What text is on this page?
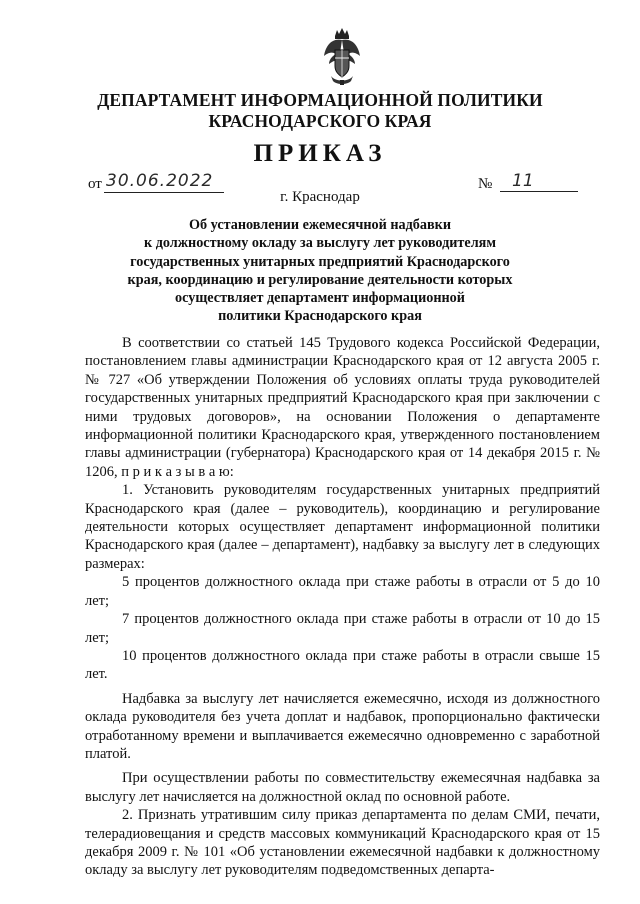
ДЕПАРТАМЕНТ ИНФОРМАЦИОННОЙ ПОЛИТИКИ
КРАСНОДАРСКОГО КРАЯ
ПРИКАЗ
от 30.06.2022	№	11
г. Краснодар
Об установлении ежемесячной надбавки
к должностному окладу за выслугу лет руководителям
государственных унитарных предприятий Краснодарского
края, координацию и регулирование деятельности которых
осуществляет департамент информационной
политики Краснодарского края

В соответствии со статьей 145 Трудового кодекса Российской Федерации, постановлением главы администрации Краснодарского края от 12 августа 2005 г. № 727 «Об утверждении Положения об условиях оплаты труда руководителей государственных унитарных предприятий Краснодарского края при заключении с ними трудовых договоров», на основании Положения о департаменте информационной политики Краснодарского края, утвержденного постановлением главы администрации (губернатора) Краснодарского края от 14 декабря 2015 г. № 1206, п р и к а з ы в а ю:

1. Установить руководителям государственных унитарных предприятий Краснодарского края (далее – руководитель), координацию и регулирование деятельности которых осуществляет департамент информационной политики Краснодарского края (далее – департамент), надбавку за выслугу лет в следующих размерах:

5 процентов должностного оклада при стаже работы в отрасли от 5 до 10 лет;

7 процентов должностного оклада при стаже работы в отрасли от 10 до 15 лет;

10 процентов должностного оклада при стаже работы в отрасли свыше 15 лет.

Надбавка за выслугу лет начисляется ежемесячно, исходя из должностного оклада руководителя без учета доплат и надбавок, пропорционально фактически отработанному времени и выплачивается ежемесячно одновременно с заработной платой.

При осуществлении работы по совместительству ежемесячная надбавка за выслугу лет начисляется на должностной оклад по основной работе.

2. Признать утратившим силу приказ департамента по делам СМИ, печати, телерадиовещания и средств массовых коммуникаций Краснодарского края от 15 декабря 2009 г. № 101 «Об установлении ежемесячной надбавки к должностному окладу за выслугу лет руководителям подведомственных департа-
